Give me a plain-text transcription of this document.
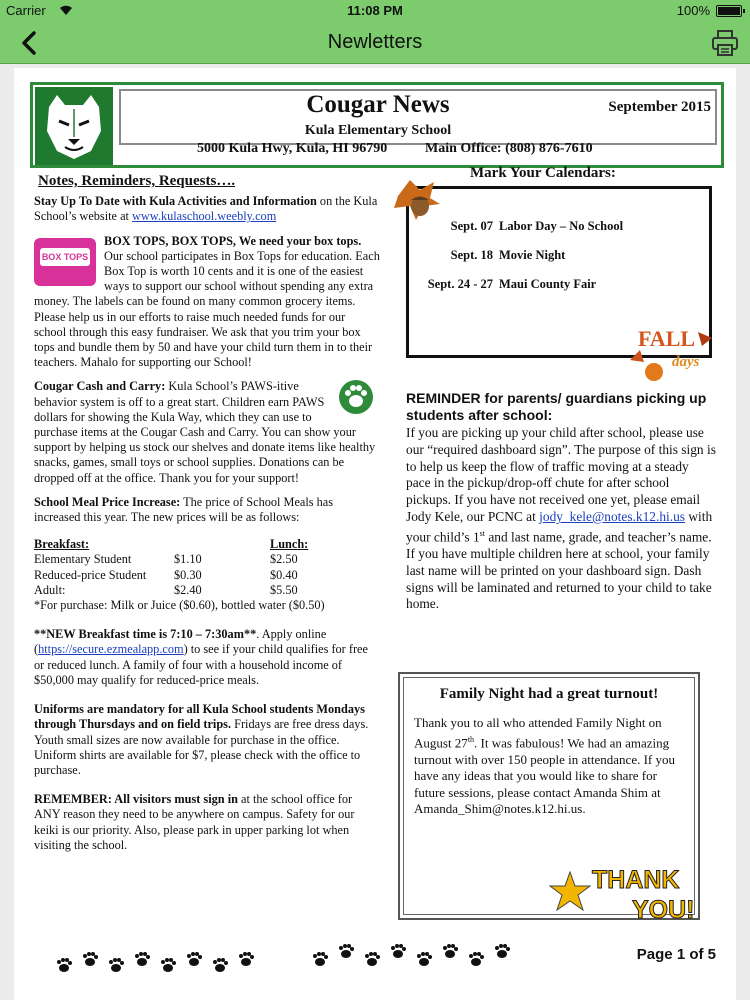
Carrier	11:08 PM	100%
Newletters
Cougar News	September 2015
Kula Elementary School
5000 Kula Hwy, Kula, HI 96790	Main Office: (808) 876-7610
Notes, Reminders, Requests….

Stay Up To Date with Kula Activities and Information on the Kula School’s website at www.kulaschool.weebly.com

BOX TOPS
BOX TOPS, BOX TOPS, We need your box tops. Our school participates in Box Tops for education. Each Box Top is worth 10 cents and it is one of the easiest ways to support our school without spending any extra money. The labels can be found on many common grocery items. Please help us in our efforts to raise much needed funds for our school through this easy fundraiser. We ask that you trim your box tops and bundle them by 50 and have your child turn them in to their teachers. Mahalo for supporting our School!

Cougar Cash and Carry: Kula School’s PAWS-itive behavior system is off to a great start. Children earn PAWS dollars for showing the Kula Way, which they can use to purchase items at the Cougar Cash and Carry. You can show your support by helping us stock our shelves and donate items like healthy snacks, games, small toys or school supplies. Donations can be dropped off at the office. Thank you for your support!

School Meal Price Increase: The price of School Meals has increased this year. The new prices will be as follows:

Breakfast:		Lunch:
Elementary Student	$1.10	$2.50
Reduced-price Student	$0.30	$0.40
Adult:	$2.40	$5.50

*For purchase: Milk or Juice ($0.60), bottled water ($0.50)

**NEW Breakfast time is 7:10 – 7:30am**. Apply online (https://secure.ezmealapp.com) to see if your child qualifies for free or reduced lunch. A family of four with a household income of $50,000 may qualify for reduced-price meals.

Uniforms are mandatory for all Kula School students Mondays through Thursdays and on field trips. Fridays are free dress days. Youth small sizes are now available for purchase in the office. Uniform shirts are available for $7, please check with the office to purchase.

REMEMBER: All visitors must sign in at the school office for ANY reason they need to be anywhere on campus. Safety for our keiki is our priority. Also, please park in upper parking lot when visiting the school.

Mark Your Calendars:
Sept. 07 Labor Day – No School
Sept. 18 Movie Night
Sept. 24 - 27 Maui County Fair
FALL
days
REMINDER for parents/ guardians picking up students after school:
If you are picking up your child after school, please use our “required dashboard sign”. The purpose of this sign is to help us keep the flow of traffic moving at a steady pace in the pickup/drop-off chute for after school pickups. If you have not received one yet, please email Jody Kele, our PCNC at jody_kele@notes.k12.hi.us with your child’s 1st and last name, grade, and teacher’s name. If you have multiple children here at school, your family last name will be printed on your dashboard sign. Dash signs will be laminated and returned to your child to take home.
Family Night had a great turnout!
Thank you to all who attended Family Night on August 27th. It was fabulous! We had an amazing turnout with over 150 people in attendance. If you have any ideas that you would like to share for future sessions, please contact Amanda Shim at Amanda_Shim@notes.k12.hi.us.
THANK
YOU!
Page 1 of 5
